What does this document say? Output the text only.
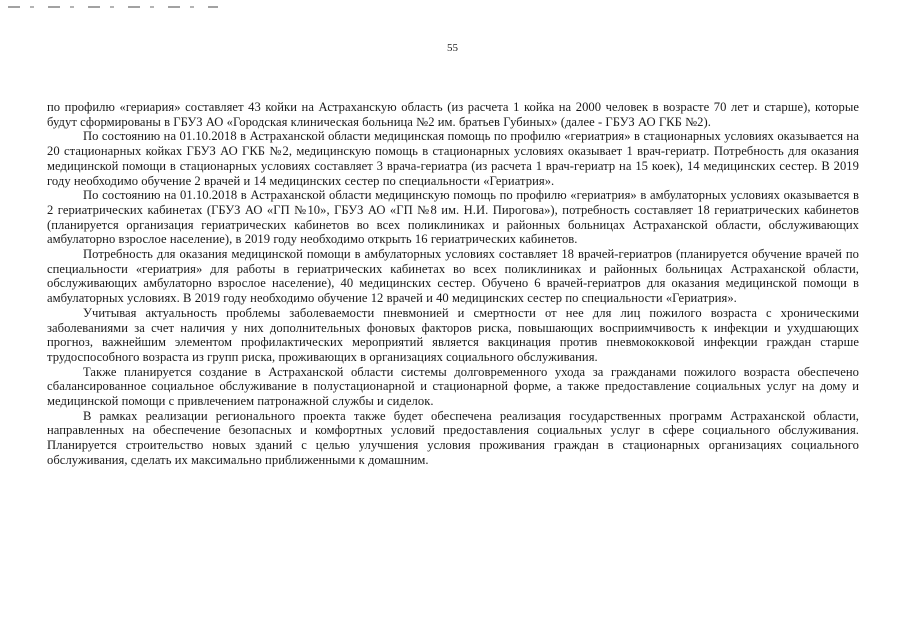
55

по профилю «гериария» составляет 43 койки на Астраханскую область (из расчета 1 койка на 2000 человек в возрасте 70 лет и старше), которые будут сформированы в ГБУЗ АО «Городская клиническая больница №2 им. братьев Губиных» (далее - ГБУЗ АО ГКБ №2).

По состоянию на 01.10.2018 в Астраханской области медицинская помощь по профилю «гериатрия» в стационарных условиях оказывается на 20 стационарных койках ГБУЗ АО ГКБ №2, медицинскую помощь в стационарных условиях оказывает 1 врач-гериатр. Потребность для оказания медицинской помощи в стационарных условиях составляет 3 врача-гериатра (из расчета 1 врач-гериатр на 15 коек), 14 медицинских сестер. В 2019 году необходимо обучение 2 врачей и 14 медицинских сестер по специальности «Гериатрия».

По состоянию на 01.10.2018 в Астраханской области медицинскую помощь по профилю «гериатрия» в амбулаторных условиях оказывается в 2 гериатрических кабинетах (ГБУЗ АО «ГП №10», ГБУЗ АО «ГП №8 им. Н.И. Пирогова»), потребность составляет 18 гериатрических кабинетов (планируется организация гериатрических кабинетов во всех поликлиниках и районных больницах Астраханской области, обслуживающих амбулаторно взрослое население), в 2019 году необходимо открыть 16 гериатрических кабинетов.

Потребность для оказания медицинской помощи в амбулаторных условиях составляет 18 врачей-гериатров (планируется обучение врачей по специальности «гериатрия» для работы в гериатрических кабинетах во всех поликлиниках и районных больницах Астраханской области, обслуживающих амбулаторно взрослое население), 40 медицинских сестер. Обучено 6 врачей-гериатров для оказания медицинской помощи в амбулаторных условиях. В 2019 году необходимо обучение 12 врачей и 40 медицинских сестер по специальности «Гериатрия».

Учитывая актуальность проблемы заболеваемости пневмонией и смертности от нее для лиц пожилого возраста с хроническими заболеваниями за счет наличия у них дополнительных фоновых факторов риска, повышающих восприимчивость к инфекции и ухудшающих прогноз, важнейшим элементом профилактических мероприятий является вакцинация против пневмококковой инфекции граждан старше трудоспособного возраста из групп риска, проживающих в организациях социального обслуживания.

Также планируется создание в Астраханской области системы долговременного ухода за гражданами пожилого возраста обеспечено сбалансированное социальное обслуживание в полустационарной и стационарной форме, а также предоставление социальных услуг на дому и медицинской помощи с привлечением патронажной службы и сиделок.

В рамках реализации регионального проекта также будет обеспечена реализация государственных программ Астраханской области, направленных на обеспечение безопасных и комфортных условий предоставления социальных услуг в сфере социального обслуживания. Планируется строительство новых зданий с целью улучшения условия проживания граждан в стационарных организациях социального обслуживания, сделать их максимально приближенными к домашним.
